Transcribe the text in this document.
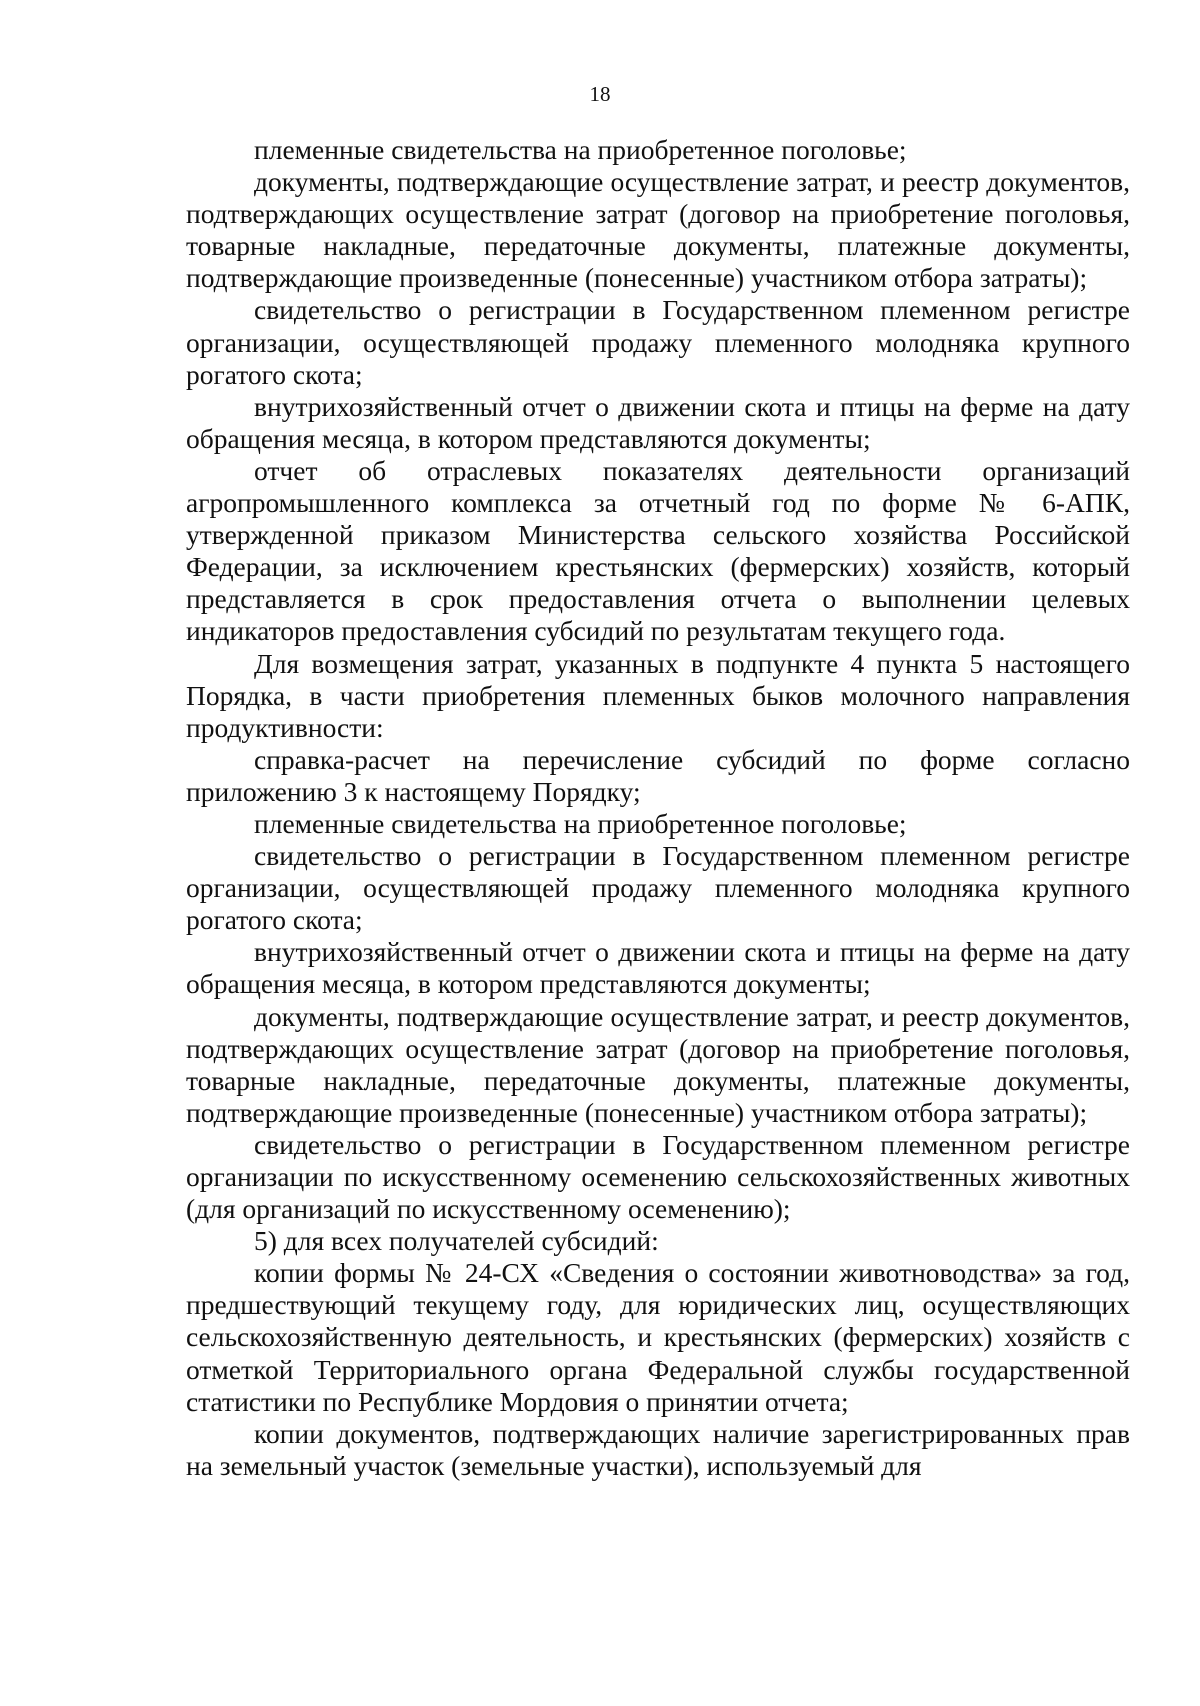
18

племенные свидетельства на приобретенное поголовье;

документы, подтверждающие осуществление затрат, и реестр документов, подтверждающих осуществление затрат (договор на приобретение поголовья, товарные накладные, передаточные документы, платежные документы, подтверждающие произведенные (понесенные) участником отбора затраты);

свидетельство о регистрации в Государственном племенном регистре организации, осуществляющей продажу племенного молодняка крупного рогатого скота;

внутрихозяйственный отчет о движении скота и птицы на ферме на дату обращения месяца, в котором представляются документы;

отчет об отраслевых показателях деятельности организаций агропромышленного комплекса за отчетный год по форме № 6-АПК, утвержденной приказом Министерства сельского хозяйства Российской Федерации, за исключением крестьянских (фермерских) хозяйств, который представляется в срок предоставления отчета о выполнении целевых индикаторов предоставления субсидий по результатам текущего года.

Для возмещения затрат, указанных в подпункте 4 пункта 5 настоящего Порядка, в части приобретения племенных быков молочного направления продуктивности:

справка-расчет на перечисление субсидий по форме согласно приложению 3 к настоящему Порядку;

племенные свидетельства на приобретенное поголовье;

свидетельство о регистрации в Государственном племенном регистре организации, осуществляющей продажу племенного молодняка крупного рогатого скота;

внутрихозяйственный отчет о движении скота и птицы на ферме на дату обращения месяца, в котором представляются документы;

документы, подтверждающие осуществление затрат, и реестр документов, подтверждающих осуществление затрат (договор на приобретение поголовья, товарные накладные, передаточные документы, платежные документы, подтверждающие произведенные (понесенные) участником отбора затраты);

свидетельство о регистрации в Государственном племенном регистре организации по искусственному осеменению сельскохозяйственных животных (для организаций по искусственному осеменению);

5) для всех получателей субсидий:

копии формы № 24-СХ «Сведения о состоянии животноводства» за год, предшествующий текущему году, для юридических лиц, осуществляющих сельскохозяйственную деятельность, и крестьянских (фермерских) хозяйств с отметкой Территориального органа Федеральной службы государственной статистики по Республике Мордовия о принятии отчета;

копии документов, подтверждающих наличие зарегистрированных прав на земельный участок (земельные участки), используемый для
